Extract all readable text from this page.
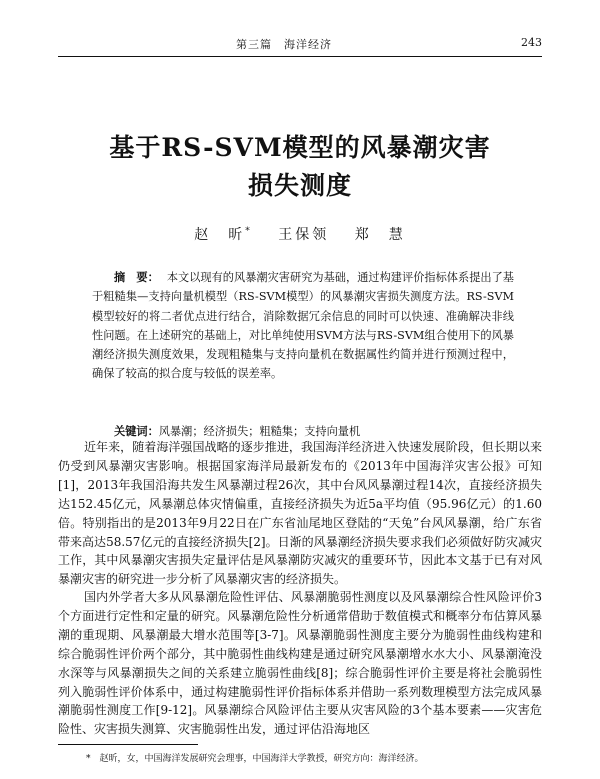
第三篇　海洋经济	243
基于RS-SVM模型的风暴潮灾害
损失测度
赵　昕* 王保领 郑　慧
摘　要： 本文以现有的风暴潮灾害研究为基础，通过构建评价指标体系提出了基于粗糙集—支持向量机模型（RS-SVM模型）的风暴潮灾害损失测度方法。RS-SVM模型较好的将二者优点进行结合，消除数据冗余信息的同时可以快速、准确解决非线性问题。在上述研究的基础上，对比单纯使用SVM方法与RS-SVM组合使用下的风暴潮经济损失测度效果，发现粗糙集与支持向量机在数据属性约简并进行预测过程中，确保了较高的拟合度与较低的误差率。
关键词：风暴潮；经济损失；粗糙集；支持向量机
近年来，随着海洋强国战略的逐步推进，我国海洋经济进入快速发展阶段，但长期以来仍受到风暴潮灾害影响。根据国家海洋局最新发布的《2013年中国海洋灾害公报》可知[1]，2013年我国沿海共发生风暴潮过程26次，其中台风风暴潮过程14次，直接经济损失达152.45亿元，风暴潮总体灾情偏重，直接经济损失为近5a平均值（95.96亿元）的1.60倍。特别指出的是2013年9月22日在广东省汕尾地区登陆的“天兔”台风风暴潮，给广东省带来高达58.57亿元的直接经济损失[2]。日渐的风暴潮经济损失要求我们必须做好防灾减灾工作，其中风暴潮灾害损失定量评估是风暴潮防灾减灾的重要环节，因此本文基于已有对风暴潮灾害的研究进一步分析了风暴潮灾害的经济损失。
国内外学者大多从风暴潮危险性评估、风暴潮脆弱性测度以及风暴潮综合性风险评价3个方面进行定性和定量的研究。风暴潮危险性分析通常借助于数值模式和概率分布估算风暴潮的重现期、风暴潮最大增水范围等[3-7]。风暴潮脆弱性测度主要分为脆弱性曲线构建和综合脆弱性评价两个部分，其中脆弱性曲线构建是通过研究风暴潮增水水大小、风暴潮淹没水深等与风暴潮损失之间的关系建立脆弱性曲线[8]；综合脆弱性评价主要是将社会脆弱性列入脆弱性评价体系中，通过构建脆弱性评价指标体系并借助一系列数理模型方法完成风暴潮脆弱性测度工作[9-12]。风暴潮综合风险评估主要从灾害风险的3个基本要素——灾害危险性、灾害损失测算、灾害脆弱性出发，通过评估沿海地区
*　赵昕，女，中国海洋发展研究会理事，中国海洋大学教授，研究方向：海洋经济。
